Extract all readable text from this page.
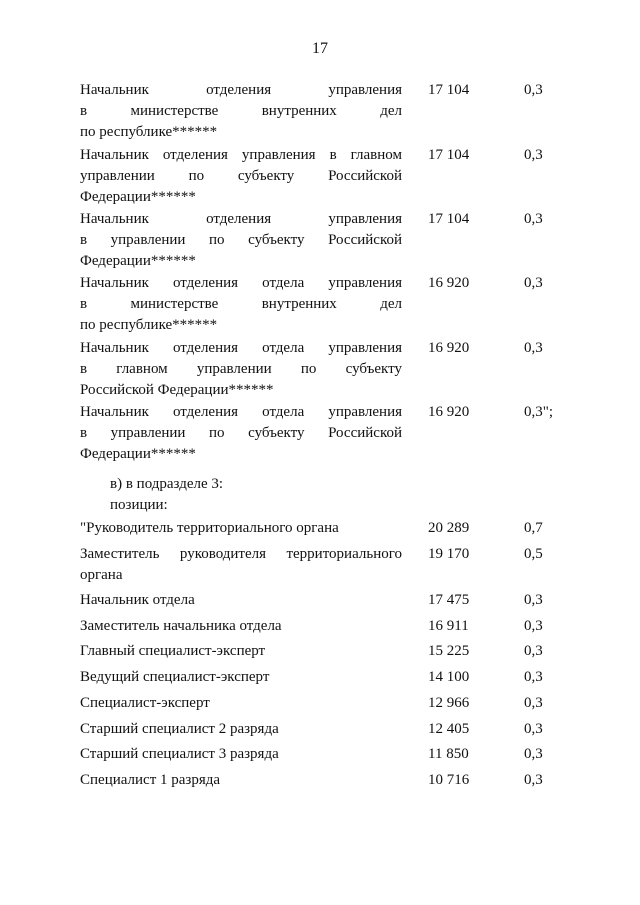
17
Начальник отделения управления
в министерстве внутренних дел
по республике******
17 104	0,3
Начальник отделения управления в главном
управлении по субъекту Российской
Федерации******
17 104	0,3
Начальник отделения управления
в управлении по субъекту Российской
Федерации******
17 104	0,3
Начальник отделения отдела управления
в министерстве внутренних дел
по республике******
16 920	0,3
Начальник отделения отдела управления
в главном управлении по субъекту
Российской Федерации******
16 920	0,3
Начальник отделения отдела управления
в управлении по субъекту Российской
Федерации******
16 920	0,3";
в) в подразделе 3:
позиции:
"Руководитель территориального органа	20 289	0,7
Заместитель руководителя территориального
органа
19 170	0,5
Начальник отдела	17 475	0,3
Заместитель начальника отдела	16 911	0,3
Главный специалист-эксперт	15 225	0,3
Ведущий специалист-эксперт	14 100	0,3
Специалист-эксперт	12 966	0,3
Старший специалист 2 разряда	12 405	0,3
Старший специалист 3 разряда	11 850	0,3
Специалист 1 разряда	10 716	0,3
